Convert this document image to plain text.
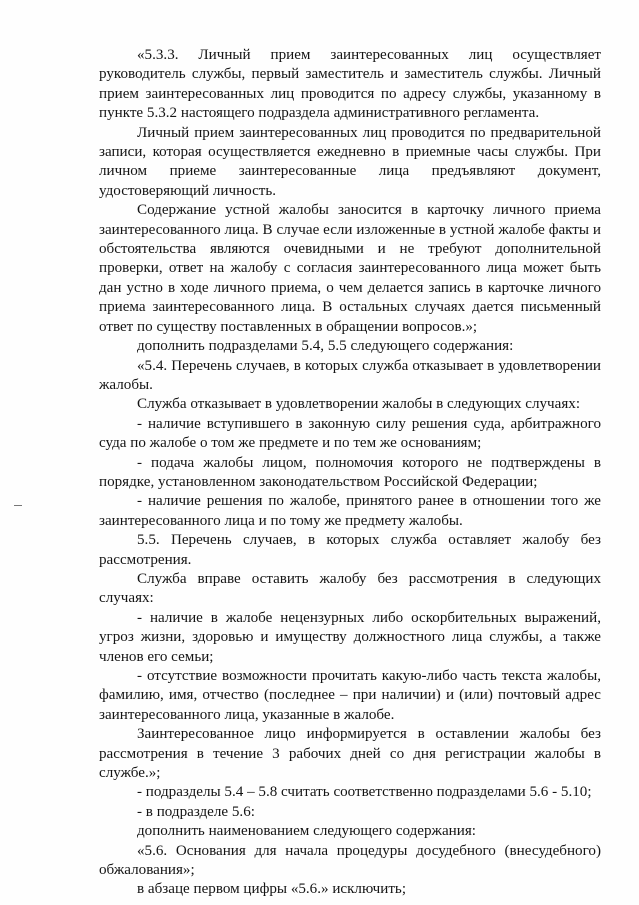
«5.3.3. Личный прием заинтересованных лиц осуществляет руководитель службы, первый заместитель и заместитель службы. Личный прием заинтересованных лиц проводится по адресу службы, указанному в пункте 5.3.2 настоящего подраздела административного регламента.

Личный прием заинтересованных лиц проводится по предварительной записи, которая осуществляется ежедневно в приемные часы службы. При личном приеме заинтересованные лица предъявляют документ, удостоверяющий личность.

Содержание устной жалобы заносится в карточку личного приема заинтересованного лица. В случае если изложенные в устной жалобе факты и обстоятельства являются очевидными и не требуют дополнительной проверки, ответ на жалобу с согласия заинтересованного лица может быть дан устно в ходе личного приема, о чем делается запись в карточке личного приема заинтересованного лица. В остальных случаях дается письменный ответ по существу поставленных в обращении вопросов.»;

дополнить подразделами 5.4, 5.5 следующего содержания:

«5.4. Перечень случаев, в которых служба отказывает в удовлетворении жалобы.

Служба отказывает в удовлетворении жалобы в следующих случаях:

- наличие вступившего в законную силу решения суда, арбитражного суда по жалобе о том же предмете и по тем же основаниям;

- подача жалобы лицом, полномочия которого не подтверждены в порядке, установленном законодательством Российской Федерации;

- наличие решения по жалобе, принятого ранее в отношении того же заинтересованного лица и по тому же предмету жалобы.

5.5. Перечень случаев, в которых служба оставляет жалобу без рассмотрения.

Служба вправе оставить жалобу без рассмотрения в следующих случаях:

- наличие в жалобе нецензурных либо оскорбительных выражений, угроз жизни, здоровью и имуществу должностного лица службы, а также членов его семьи;

- отсутствие возможности прочитать какую-либо часть текста жалобы, фамилию, имя, отчество (последнее – при наличии) и (или) почтовый адрес заинтересованного лица, указанные в жалобе.

Заинтересованное лицо информируется в оставлении жалобы без рассмотрения в течение 3 рабочих дней со дня регистрации жалобы в службе.»;

- подразделы 5.4 – 5.8 считать соответственно подразделами 5.6 - 5.10;

- в подразделе 5.6:

дополнить наименованием следующего содержания:

«5.6. Основания для начала процедуры досудебного (внесудебного) обжалования»;

в абзаце первом цифры «5.6.» исключить;
